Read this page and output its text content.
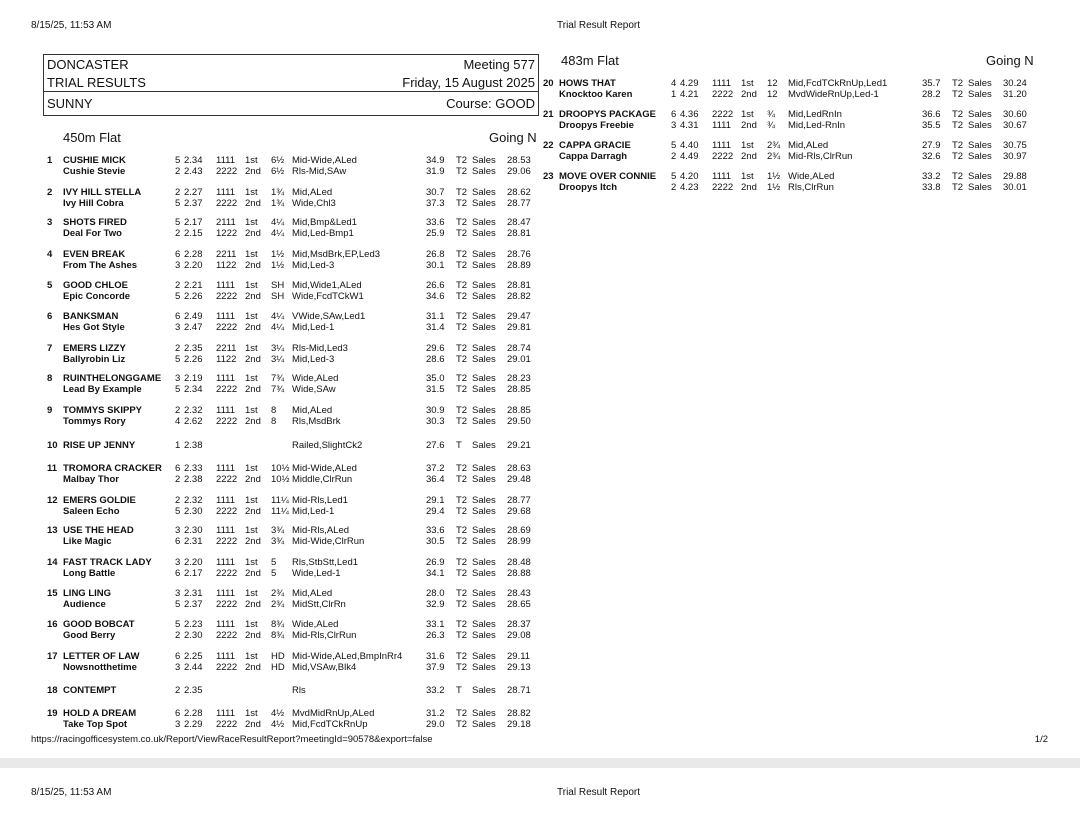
8/15/25, 11:53 AM	Trial Result Report
DONCASTER	Meeting 577
TRIAL RESULTS	Friday, 15 August 2025
SUNNY	Course: GOOD
450m Flat	Going N
483m Flat	Going N
1 CUSHIE MICK	5 2.34 1111 1st 6½ Mid-Wide,ALed	34.9 T2 Sales 28.53
Cushie Stevie	2 2.43 2222 2nd 6½ Rls-Mid,SAw	31.9 T2 Sales 29.06
2 IVY HILL STELLA	2 2.27 1111 1st 1¾ Mid,ALed	30.7 T2 Sales 28.62
Ivy Hill Cobra	5 2.37 2222 2nd 1¾ Wide,Chl3	37.3 T2 Sales 28.77
3 SHOTS FIRED	5 2.17 2111 1st 4¼ Mid,Bmp&Led1	33.6 T2 Sales 28.47
Deal For Two	2 2.15 1222 2nd 4¼ Mid,Led-Bmp1	25.9 T2 Sales 28.81
4 EVEN BREAK	6 2.28 2211 1st 1½ Mid,MsdBrk,EP,Led3	26.8 T2 Sales 28.76
From The Ashes	3 2.20 1122 2nd 1½ Mid,Led-3	30.1 T2 Sales 28.89
5 GOOD CHLOE	2 2.21 1111 1st SH Mid,Wide1,ALed	26.6 T2 Sales 28.81
Epic Concorde	5 2.26 2222 2nd SH Wide,FcdTCkW1	34.6 T2 Sales 28.82
6 BANKSMAN	6 2.49 1111 1st 4¼ VWide,SAw,Led1	31.1 T2 Sales 29.47
Hes Got Style	3 2.47 2222 2nd 4¼ Mid,Led-1	31.4 T2 Sales 29.81
7 EMERS LIZZY	2 2.35 2211 1st 3¼ Rls-Mid,Led3	29.6 T2 Sales 28.74
Ballyrobin Liz	5 2.26 1122 2nd 3¼ Mid,Led-3	28.6 T2 Sales 29.01
8 RUINTHELONGGAME 3 2.19 1111 1st 7¾ Wide,ALed	35.0 T2 Sales 28.23
Lead By Example	5 2.34 2222 2nd 7¾ Wide,SAw	31.5 T2 Sales 28.85
9 TOMMYS SKIPPY	2 2.32 1111 1st 8 Mid,ALed	30.9 T2 Sales 28.85
Tommys Rory	4 2.62 2222 2nd 8 Rls,MsdBrk	30.3 T2 Sales 29.50
10 RISE UP JENNY	1 2.38	Railed,SlightCk2	27.6 T Sales 29.21
11 TROMORA CRACKER 6 2.33 1111 1st 10½ Mid-Wide,ALed	37.2 T2 Sales 28.63
Malbay Thor	2 2.38 2222 2nd 10½ Middle,ClrRun	36.4 T2 Sales 29.48
12 EMERS GOLDIE	2 2.32 1111 1st 11¼ Mid-Rls,Led1	29.1 T2 Sales 28.77
Saleen Echo	5 2.30 2222 2nd 11¼ Mid,Led-1	29.4 T2 Sales 29.68
13 USE THE HEAD	3 2.30 1111 1st 3¾ Mid-Rls,ALed	33.6 T2 Sales 28.69
Like Magic	6 2.31 2222 2nd 3¾ Mid-Wide,ClrRun	30.5 T2 Sales 28.99
14 FAST TRACK LADY 3 2.20 1111 1st 5 Rls,StbStt,Led1	26.9 T2 Sales 28.48
Long Battle	6 2.17 2222 2nd 5 Wide,Led-1	34.1 T2 Sales 28.88
15 LING LING	3 2.31 1111 1st 2¾ Mid,ALed	28.0 T2 Sales 28.43
Audience	5 2.37 2222 2nd 2¾ MidStt,ClrRn	32.9 T2 Sales 28.65
16 GOOD BOBCAT	5 2.23 1111 1st 8¾ Wide,ALed	33.1 T2 Sales 28.37
Good Berry	2 2.30 2222 2nd 8¾ Mid-Rls,ClrRun	26.3 T2 Sales 29.08
17 LETTER OF LAW	6 2.25 1111 1st HD Mid-Wide,ALed,BmpInRr4 31.6 T2 Sales 29.11
Nowsnotthetime	3 2.44 2222 2nd HD Mid,VSAw,Blk4	37.9 T2 Sales 29.13
18 CONTEMPT	2 2.35	Rls	33.2 T Sales 28.71
19 HOLD A DREAM	6 2.28 1111 1st 4½ MvdMidRnUp,ALed	31.2 T2 Sales 28.82
Take Top Spot	3 2.29 2222 2nd 4½ Mid,FcdTCkRnUp	29.0 T2 Sales 29.18
20 HOWS THAT	4 4.29 1111 1st 12 Mid,FcdTCkRnUp,Led1	35.7 T2 Sales 30.24
Knocktoo Karen	1 4.21 2222 2nd 12 MvdWideRnUp,Led-1	28.2 T2 Sales 31.20
21 DROOPYS PACKAGE 6 4.36 2222 1st ¾ Mid,LedRnIn	36.6 T2 Sales 30.60
Droopys Freebie	3 4.31 1111 2nd ¾ Mid,Led-RnIn	35.5 T2 Sales 30.67
22 CAPPA GRACIE	5 4.40 1111 1st 2¾ Mid,ALed	27.9 T2 Sales 30.75
Cappa Darragh	2 4.49 2222 2nd 2¾ Mid-Rls,ClrRun	32.6 T2 Sales 30.97
23 MOVE OVER CONNIE 5 4.20 1111 1st 1½ Wide,ALed	33.2 T2 Sales 29.88
Droopys Itch	2 4.23 2222 2nd 1½ Rls,ClrRun	33.8 T2 Sales 30.01
https://racingofficesystem.co.uk/Report/ViewRaceResultReport?meetingId=90578&export=false	1/2
8/15/25, 11:53 AM	Trial Result Report
